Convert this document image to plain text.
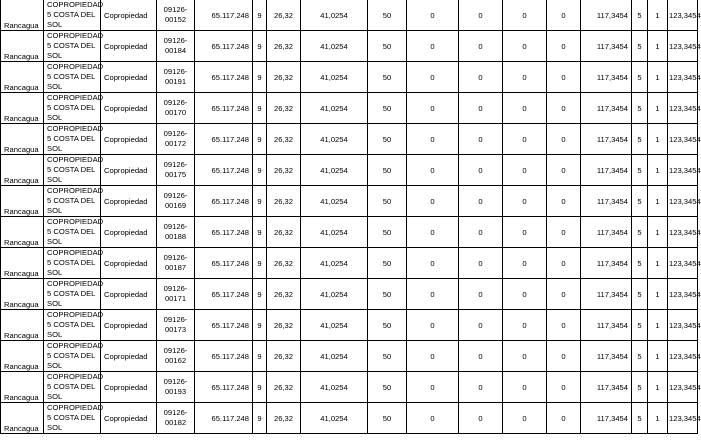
Rancagua	COPROPIEDAD 5 COSTA DEL SOL	Copropiedad	09126-00152	65.117.248	9	26,32	41,0254	50	0	0	0	0	117,3454	5	1	123,3454
Rancagua	COPROPIEDAD 5 COSTA DEL SOL	Copropiedad	09126-00184	65.117.248	9	26,32	41,0254	50	0	0	0	0	117,3454	5	1	123,3454
Rancagua	COPROPIEDAD 5 COSTA DEL SOL	Copropiedad	09126-00191	65.117.248	9	26,32	41,0254	50	0	0	0	0	117,3454	5	1	123,3454
Rancagua	COPROPIEDAD 5 COSTA DEL SOL	Copropiedad	09126-00170	65.117.248	9	26,32	41,0254	50	0	0	0	0	117,3454	5	1	123,3454
Rancagua	COPROPIEDAD 5 COSTA DEL SOL	Copropiedad	09126-00172	65.117.248	9	26,32	41,0254	50	0	0	0	0	117,3454	5	1	123,3454
Rancagua	COPROPIEDAD 5 COSTA DEL SOL	Copropiedad	09126-00175	65.117.248	9	26,32	41,0254	50	0	0	0	0	117,3454	5	1	123,3454
Rancagua	COPROPIEDAD 5 COSTA DEL SOL	Copropiedad	09126-00169	65.117.248	9	26,32	41,0254	50	0	0	0	0	117,3454	5	1	123,3454
Rancagua	COPROPIEDAD 5 COSTA DEL SOL	Copropiedad	09126-00188	65.117.248	9	26,32	41,0254	50	0	0	0	0	117,3454	5	1	123,3454
Rancagua	COPROPIEDAD 5 COSTA DEL SOL	Copropiedad	09126-00187	65.117.248	9	26,32	41,0254	50	0	0	0	0	117,3454	5	1	123,3454
Rancagua	COPROPIEDAD 5 COSTA DEL SOL	Copropiedad	09126-00171	65.117.248	9	26,32	41,0254	50	0	0	0	0	117,3454	5	1	123,3454
Rancagua	COPROPIEDAD 5 COSTA DEL SOL	Copropiedad	09126-00173	65.117.248	9	26,32	41,0254	50	0	0	0	0	117,3454	5	1	123,3454
Rancagua	COPROPIEDAD 5 COSTA DEL SOL	Copropiedad	09126-00162	65.117.248	9	26,32	41,0254	50	0	0	0	0	117,3454	5	1	123,3454
Rancagua	COPROPIEDAD 5 COSTA DEL SOL	Copropiedad	09126-00193	65.117.248	9	26,32	41,0254	50	0	0	0	0	117,3454	5	1	123,3454
Rancagua	COPROPIEDAD 5 COSTA DEL SOL	Copropiedad	09126-00182	65.117.248	9	26,32	41,0254	50	0	0	0	0	117,3454	5	1	123,3454
